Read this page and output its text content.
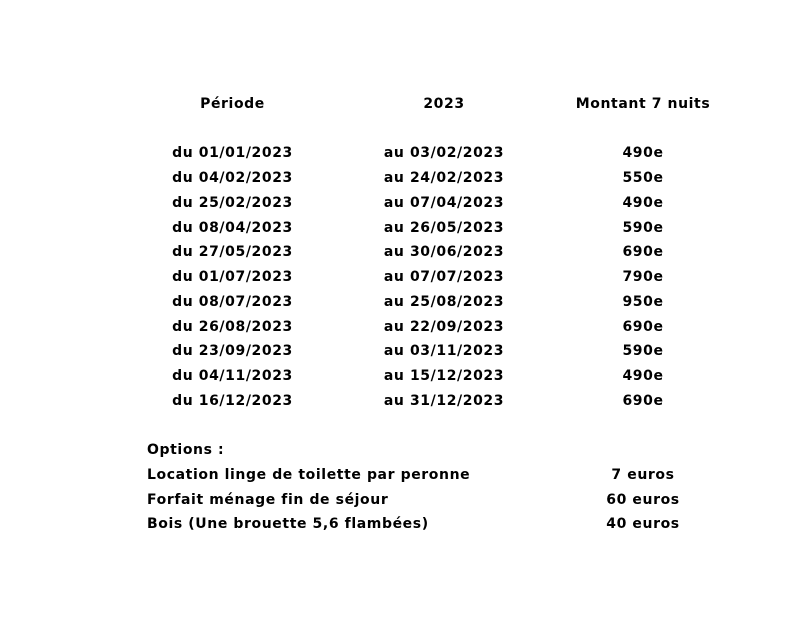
Période	2023	Montant 7 nuits
du 01/01/2023	au 03/02/2023	490e
du 04/02/2023	au 24/02/2023	550e
du 25/02/2023	au 07/04/2023	490e
du 08/04/2023	au 26/05/2023	590e
du 27/05/2023	au 30/06/2023	690e
du 01/07/2023	au 07/07/2023	790e
du 08/07/2023	au 25/08/2023	950e
du 26/08/2023	au 22/09/2023	690e
du 23/09/2023	au 03/11/2023	590e
du 04/11/2023	au 15/12/2023	490e
du 16/12/2023	au 31/12/2023	690e
Options :
Location linge de toilette par peronne	7 euros
Forfait ménage fin de séjour	60 euros
Bois (Une brouette 5,6 flambées)	40 euros
